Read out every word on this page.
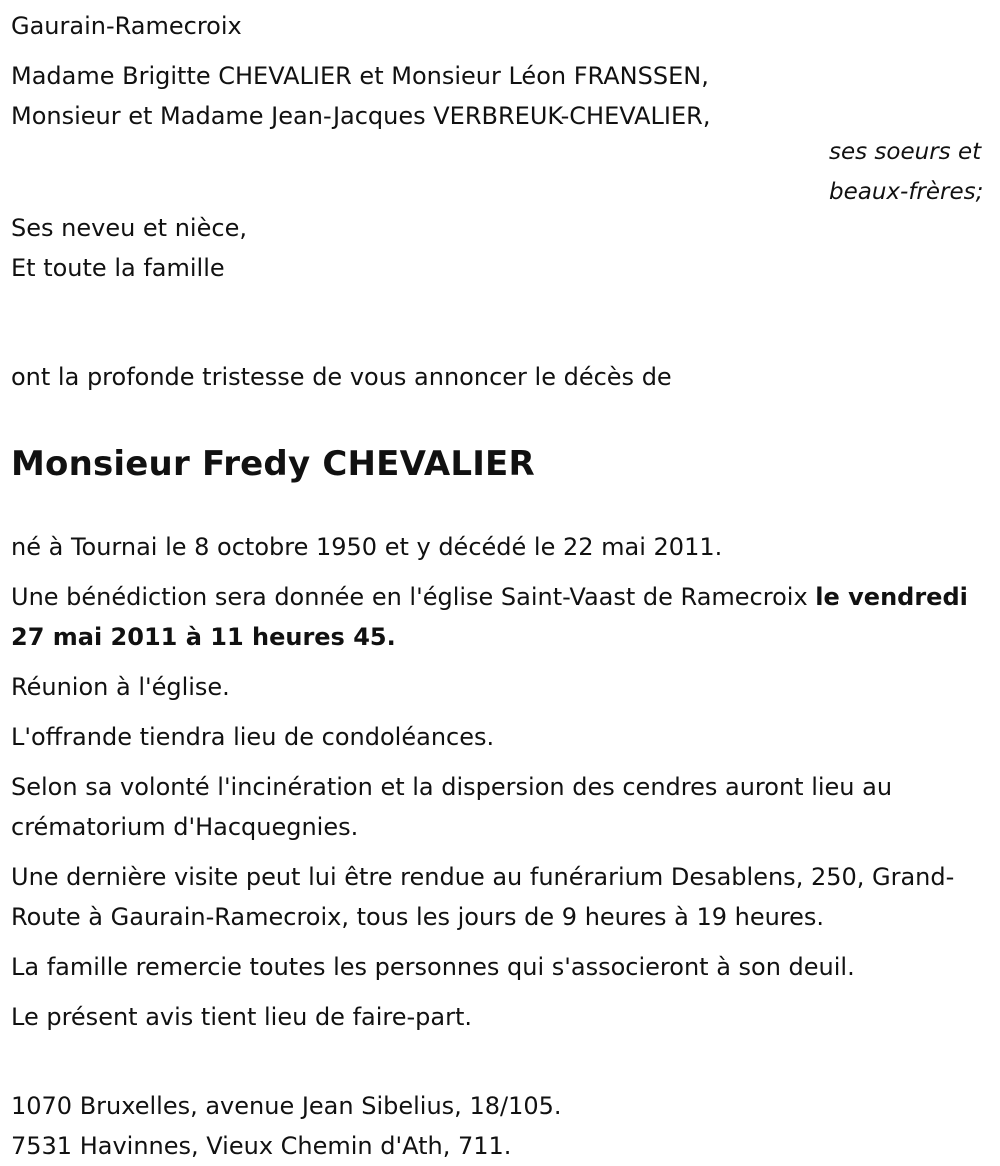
Gaurain-Ramecroix
Madame Brigitte CHEVALIER et Monsieur Léon FRANSSEN,
Monsieur et Madame Jean-Jacques VERBREUK-CHEVALIER,
ses soeurs et
beaux-frères;
Ses neveu et nièce,
Et toute la famille
ont la profonde tristesse de vous annoncer le décès de
Monsieur Fredy CHEVALIER
né à Tournai le 8 octobre 1950 et y décédé le 22 mai 2011.

Une bénédiction sera donnée en l'église Saint-Vaast de Ramecroix le vendredi 27 mai 2011 à 11 heures 45.

Réunion à l'église.

L'offrande tiendra lieu de condoléances.

Selon sa volonté l'incinération et la dispersion des cendres auront lieu au crématorium d'Hacquegnies.

Une dernière visite peut lui être rendue au funérarium Desablens, 250, Grand-Route à Gaurain-Ramecroix, tous les jours de 9 heures à 19 heures.

La famille remercie toutes les personnes qui s'associeront à son deuil.

Le présent avis tient lieu de faire-part.

1070 Bruxelles, avenue Jean Sibelius, 18/105.
7531 Havinnes, Vieux Chemin d'Ath, 711.
